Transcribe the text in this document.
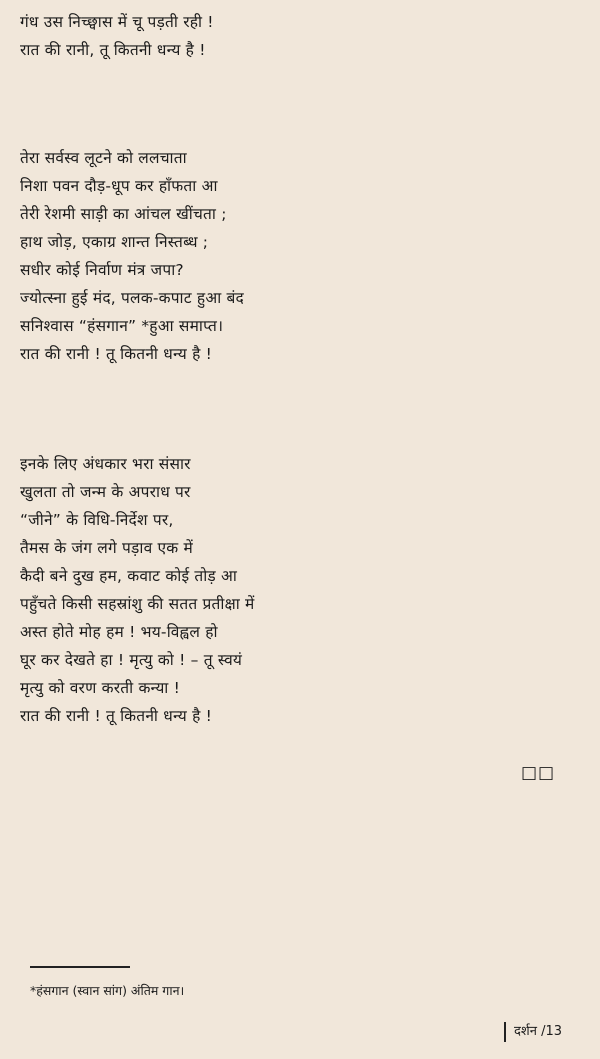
गंध उस निच्छ्वास में चू पड़ती रही !
रात की रानी, तू कितनी धन्य है !
तेरा सर्वस्व लूटने को ललचाता
निशा पवन दौड़-धूप कर हाँफता आ
तेरी रेशमी साड़ी का आंचल खींचता ;
हाथ जोड़, एकाग्र शान्त निस्तब्ध ;
सधीर कोई निर्वाण मंत्र जपा?
ज्योत्स्ना हुई मंद, पलक-कपाट हुआ बंद
सनिश्वास “हंसगान” *हुआ समाप्त।
रात की रानी ! तू कितनी धन्य है !
इनके लिए अंधकार भरा संसार
खुलता तो जन्म के अपराध पर
“जीने” के विधि-निर्देश पर,
तैमस के जंग लगे पड़ाव एक में
कैदी बने दुख हम, कवाट कोई तोड़ आ
पहुँचते किसी सहस्रांशु की सतत प्रतीक्षा में
अस्त होते मोह हम ! भय-विह्वल हो
घूर कर देखते हा ! मृत्यु को ! – तू स्वयं
मृत्यु को वरण करती कन्या !
रात की रानी ! तू कितनी धन्य है !
□□
*हंसगान (स्वान सांग) अंतिम गान।
दर्शन /13
